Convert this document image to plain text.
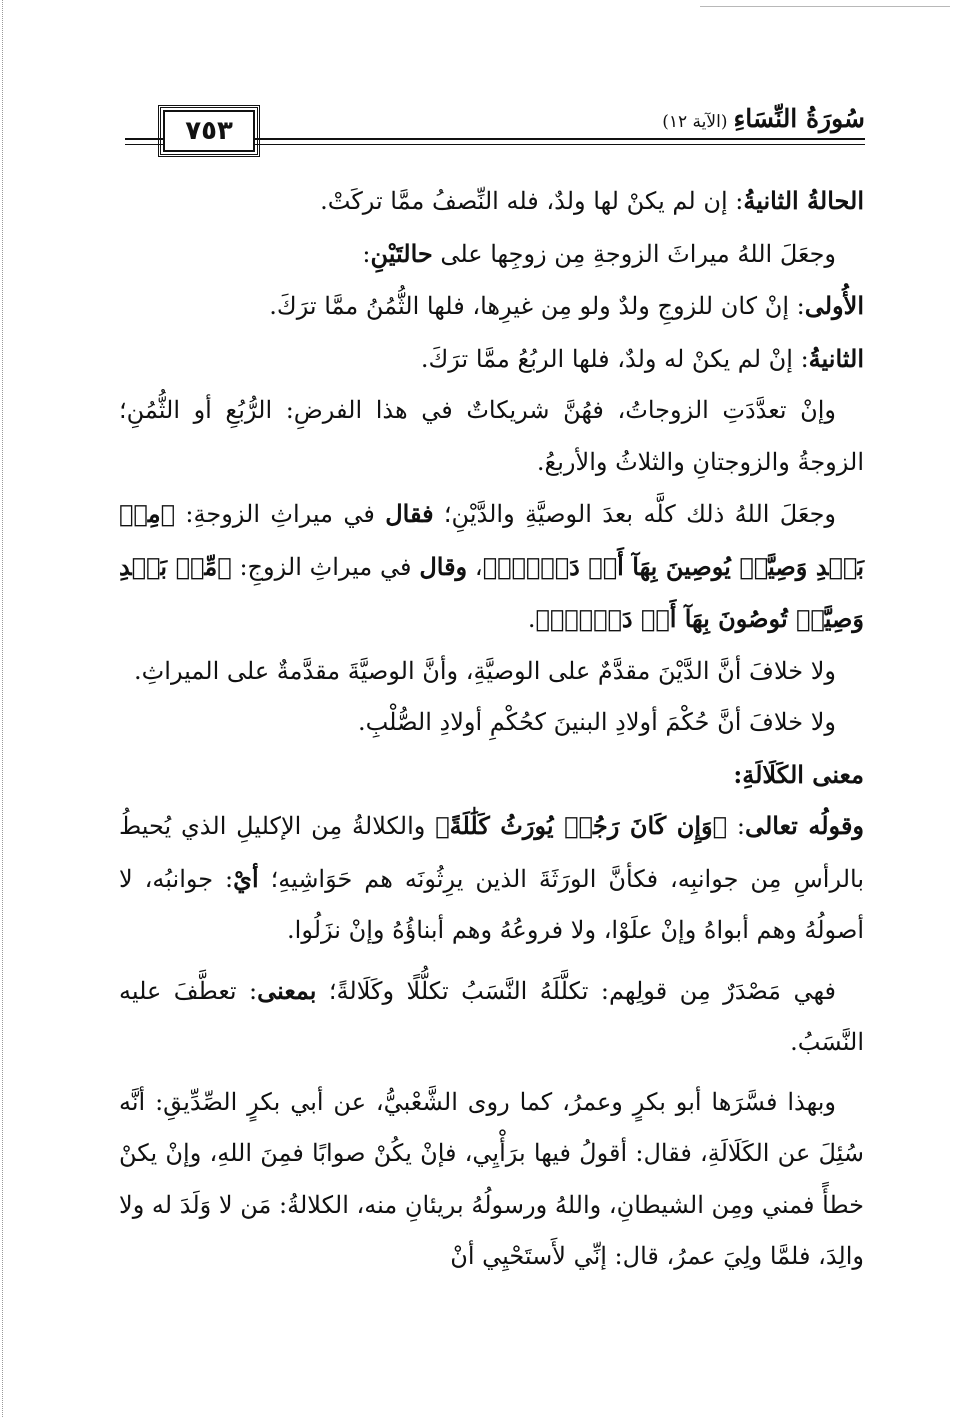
٧٥٣	سُورَةُ النِّسَاءِ(الآية ١٢)

الحالةُ الثانيةُ: إن لم يكنْ لها ولدٌ، فله النِّصفُ ممَّا تركَتْ.

وجعَلَ اللهُ ميراثَ الزوجةِ مِن زوجِها على حالتَيْنِ:

الأُولى: إنْ كان للزوجِ ولدٌ ولو مِن غيرِها، فلها الثُّمُنُ ممَّا ترَكَ.

الثانيةُ: إنْ لم يكنْ له ولدٌ، فلها الربُعُ ممَّا ترَكَ.

وإنْ تعدَّدَتِ الزوجاتُ، فهُنَّ شريكاتٌ في هذا الفرضِ: الرُّبُعِ أو الثُّمُنِ؛ الزوجةُ والزوجتانِ والثلاثُ والأربعُ.

وجعَلَ اللهُ ذلك كلَّه بعدَ الوصيَّةِ والدَّيْنِ؛ فقال في ميراثِ الزوجةِ: ﴿مِنۢ بَعۡدِ وَصِيَّةٖ يُوصِينَ بِهَآ أَوۡ دَيۡنٖۚ﴾، وقال في ميراثِ الزوجِ: ﴿مِّنۢ بَعۡدِ وَصِيَّةٖ تُوصُونَ بِهَآ أَوۡ دَيۡنٖۗ﴾.

ولا خلافَ أنَّ الدَّيْنَ مقدَّمٌ على الوصيَّةِ، وأنَّ الوصيَّةَ مقدَّمةٌ على الميراثِ.

ولا خلافَ أنَّ حُكْمَ أولادِ البنينَ كحُكْمِ أولادِ الصُّلْبِ.

معنى الكَلَالَةِ:

وقولُه تعالى: ﴿وَإِن كَانَ رَجُلٞ يُورَثُ كَلَٰلَةً﴾ والكلالةُ مِن الإكليلِ الذي يُحيطُ بالرأسِ مِن جوانبِه، فكأنَّ الورَثَةَ الذين يرِثُونَه هم حَوَاشِيهِ؛ أيْ: جوانبُه، لا أصولُهُ وهم أبواهُ وإنْ علَوْا، ولا فروعُهُ وهم أبناؤُهُ وإنْ نزَلُوا.

فهي مَصْدَرٌ مِن قولِهم: تكلَّلَهُ النَّسَبُ تكلُّلًا وكَلَالةً؛ بمعنى: تعطَّفَ عليه النَّسَبُ.

وبهذا فسَّرَها أبو بكرٍ وعمرُ، كما روى الشَّعْبيُّ، عن أبي بكرٍ الصِّدِّيقِ: أنَّه سُئِلَ عن الكَلَالَةِ، فقال: أقولُ فيها برَأْيِي، فإنْ يكُنْ صوابًا فمِنَ اللهِ، وإنْ يكنْ خطأً فمني ومِن الشيطانِ، واللهُ ورسولُهُ بريئانِ منه، الكلالةُ: مَن لا وَلَدَ له ولا والِدَ، فلمَّا ولِيَ عمرُ، قال: إنِّي لأَستَحْيِي أنْ
